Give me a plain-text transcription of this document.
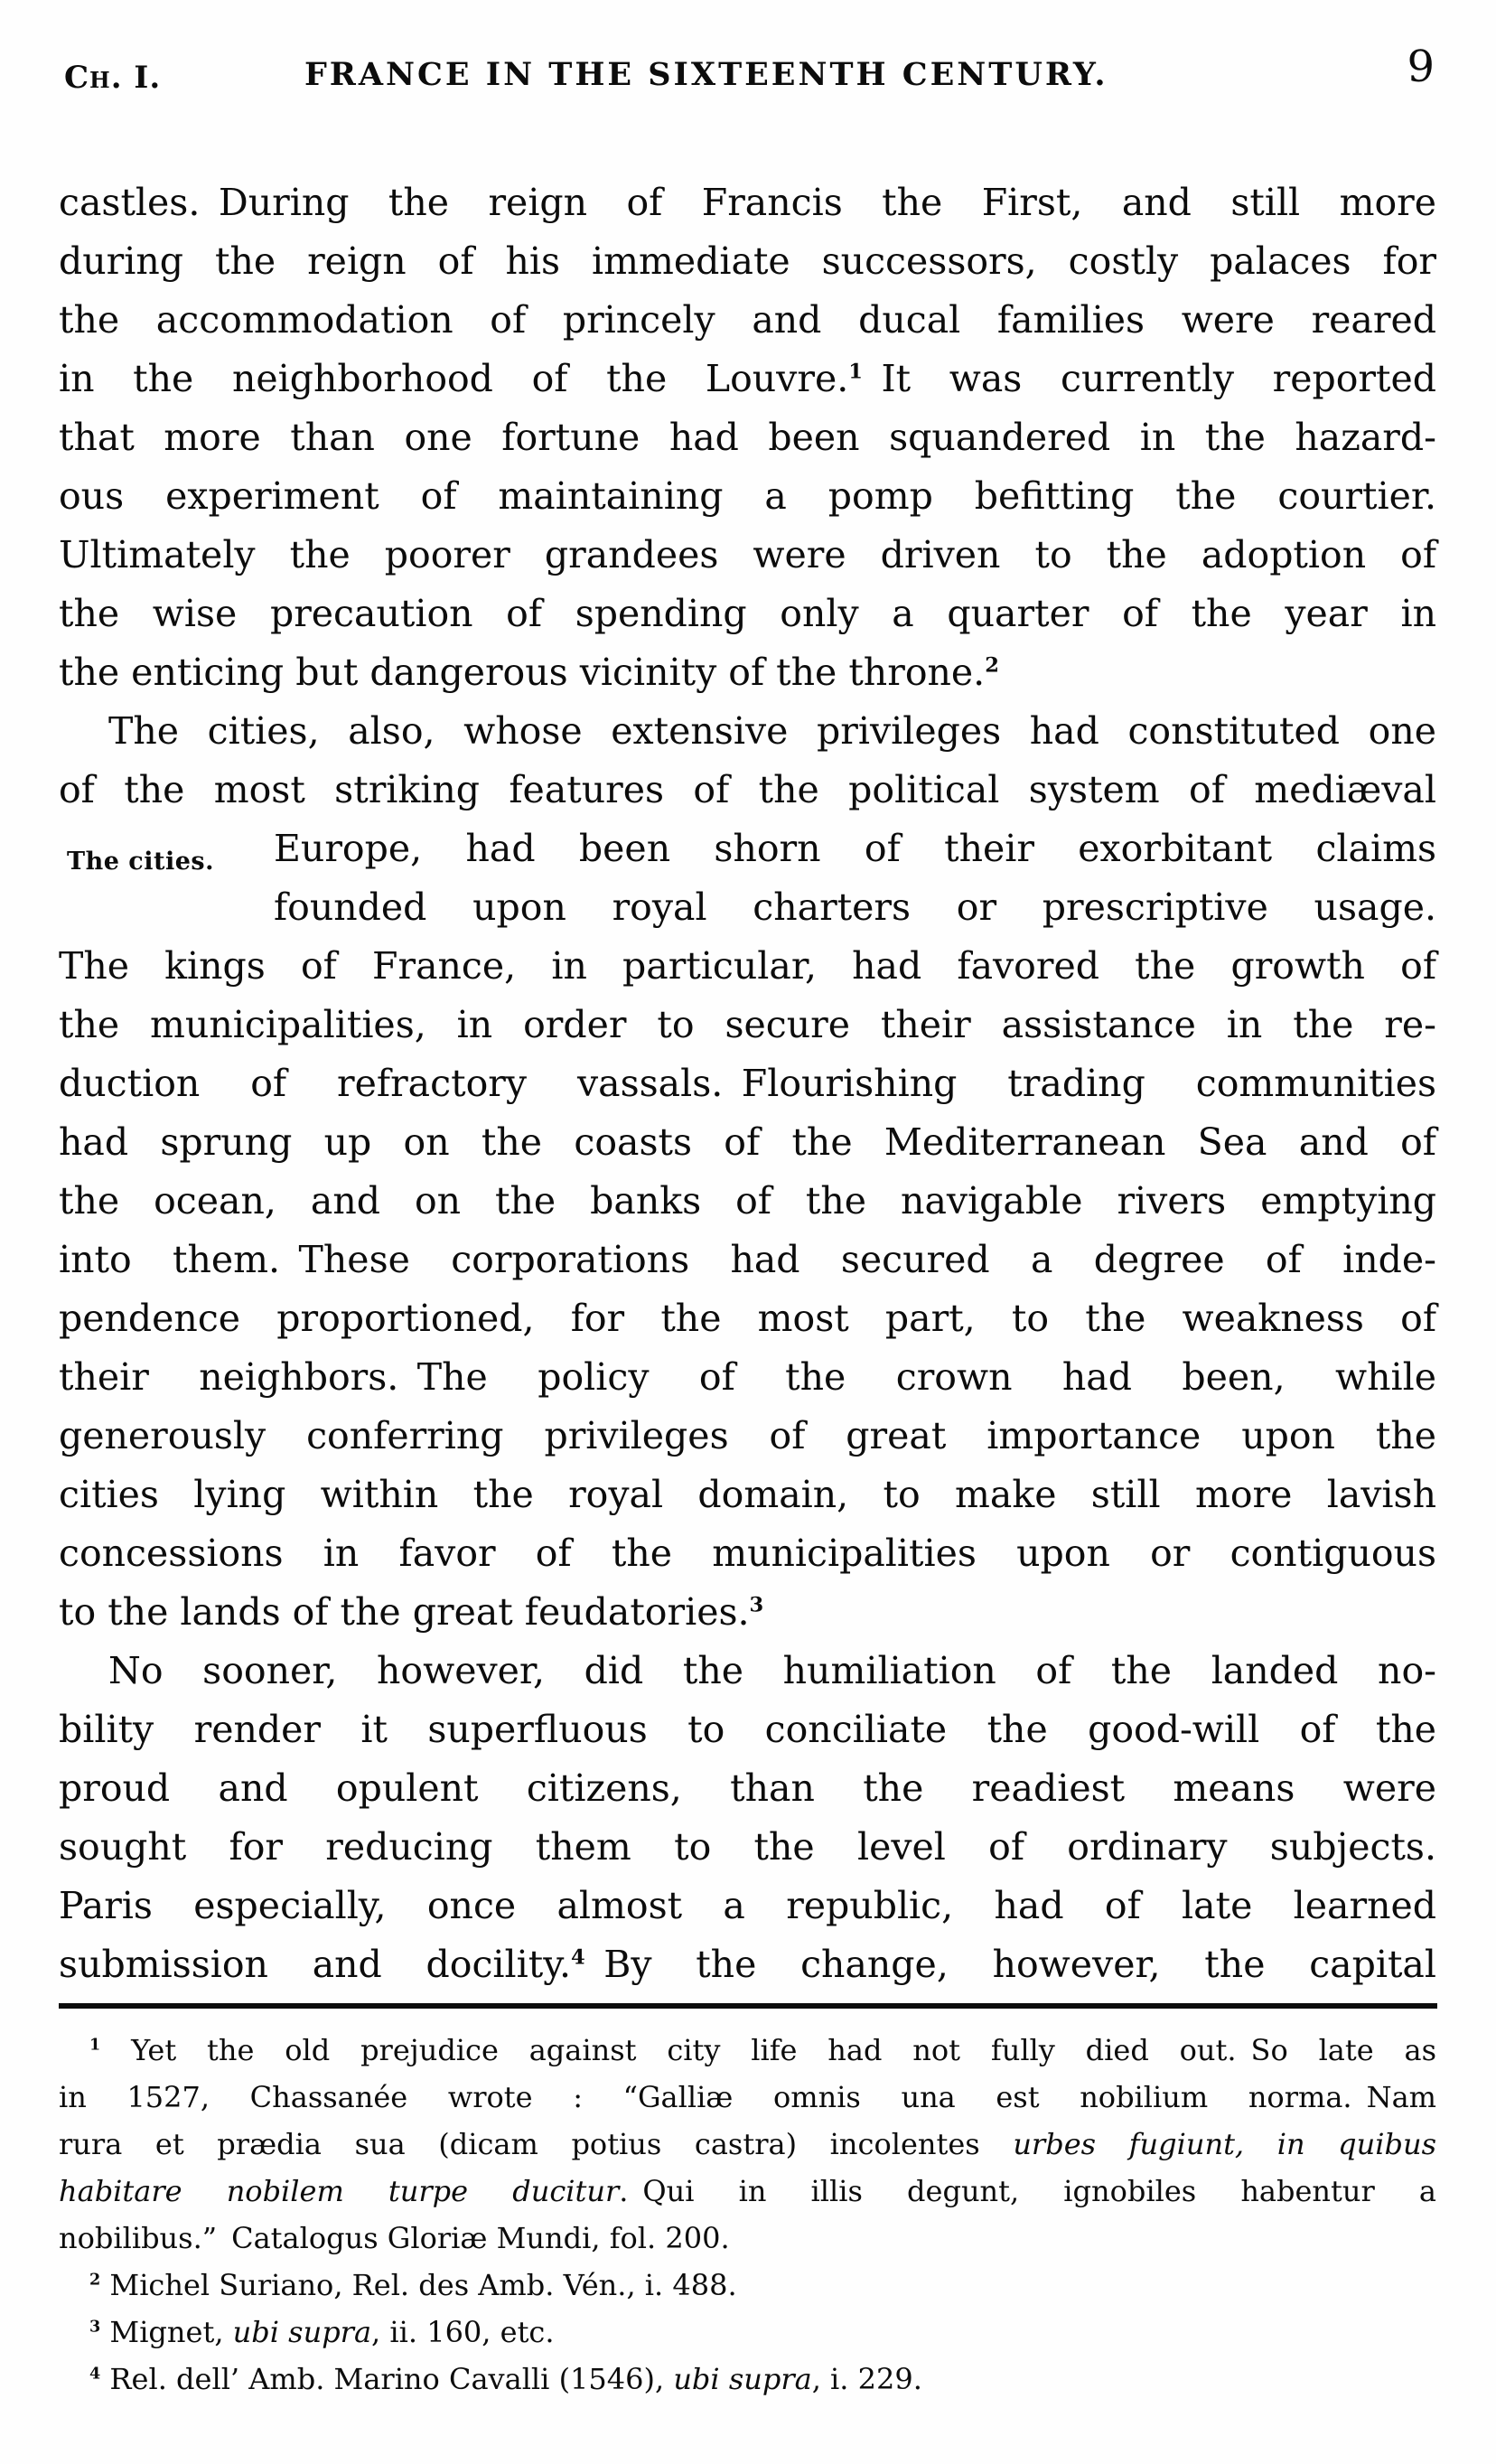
Ch. I.	FRANCE IN THE SIXTEENTH CENTURY.	9
The cities.
castles. During the reign of Francis the First, and still more
during the reign of his immediate successors, costly palaces for
the accommodation of princely and ducal families were reared
in the neighborhood of the Louvre.$^1$ It was currently reported
that more than one fortune had been squandered in the hazard-
ous experiment of maintaining a pomp befitting the courtier.
Ultimately the poorer grandees were driven to the adoption of
the wise precaution of spending only a quarter of the year in
the enticing but dangerous vicinity of the throne.$^2$
The cities, also, whose extensive privileges had constituted one
of the most striking features of the political system of mediæval
Europe, had been shorn of their exorbitant claims
founded upon royal charters or prescriptive usage.
The kings of France, in particular, had favored the growth of
the municipalities, in order to secure their assistance in the re-
duction of refractory vassals. Flourishing trading communities
had sprung up on the coasts of the Mediterranean Sea and of
the ocean, and on the banks of the navigable rivers emptying
into them. These corporations had secured a degree of inde-
pendence proportioned, for the most part, to the weakness of
their neighbors. The policy of the crown had been, while
generously conferring privileges of great importance upon the
cities lying within the royal domain, to make still more lavish
concessions in favor of the municipalities upon or contiguous
to the lands of the great feudatories.$^3$
No sooner, however, did the humiliation of the landed no-
bility render it superfluous to conciliate the good-will of the
proud and opulent citizens, than the readiest means were
sought for reducing them to the level of ordinary subjects.
Paris especially, once almost a republic, had of late learned
submission and docility.$^4$ By the change, however, the capital
$^1$ Yet the old prejudice against city life had not fully died out. So late as
in 1527, Chassanée wrote : “Galliæ omnis una est nobilium norma. Nam
rura et prædia sua (dicam potius castra) incolentes urbes fugiunt, in quibus
habitare nobilem turpe ducitur. Qui in illis degunt, ignobiles habentur a
nobilibus.” Catalogus Gloriæ Mundi, fol. 200.
$^2$ Michel Suriano, Rel. des Amb. Vén., i. 488.
$^3$ Mignet, ubi supra, ii. 160, etc.
$^4$ Rel. dell’ Amb. Marino Cavalli (1546), ubi supra, i. 229.
